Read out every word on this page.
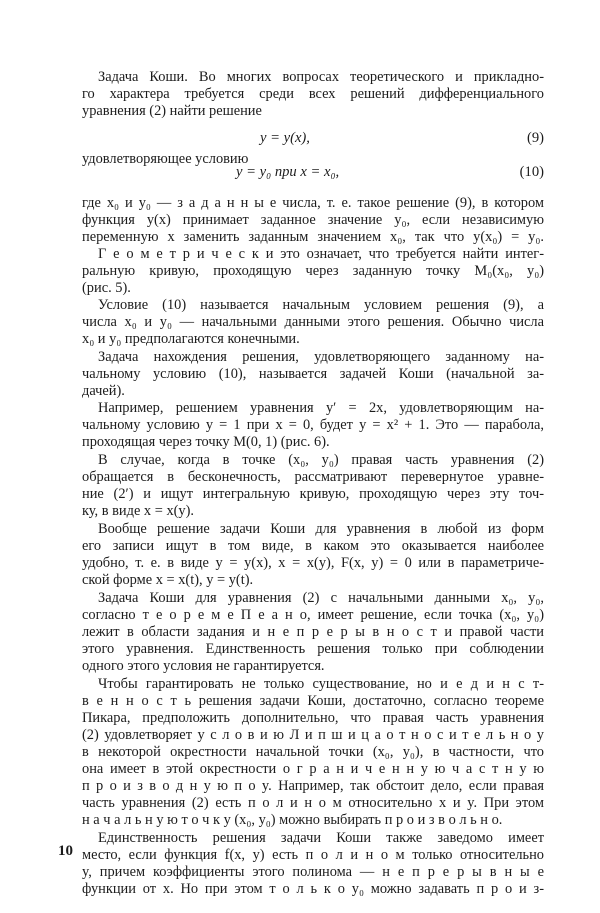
Задача Коши. Во многих вопросах теоретического и прикладно-
го характера требуется среди всех решений дифференциального
уравнения (2) найти решение
y = y(x),	(9)
удовлетворяющее условию
y = y₀ при x = x₀,	(10)
где x₀ и y₀ — з а д а н н ы е числа, т. е. такое решение (9), в котором
функция y(x) принимает заданное значение y₀, если независимую
переменную x заменить заданным значением x₀, так что y(x₀) = y₀.
Г е о м е т р и ч е с к и это означает, что требуется найти интег-
ральную кривую, проходящую через заданную точку M₀(x₀, y₀)
(рис. 5).
Условие (10) называется начальным условием решения (9), а
числа x₀ и y₀ — начальными данными этого решения. Обычно числа
x₀ и y₀ предполагаются конечными.
Задача нахождения решения, удовлетворяющего заданному на-
чальному условию (10), называется задачей Коши (начальной за-
дачей).
Например, решением уравнения y′ = 2x, удовлетворяющим на-
чальному условию y = 1 при x = 0, будет y = x² + 1. Это — парабола,
проходящая через точку M(0, 1) (рис. 6).
В случае, когда в точке (x₀, y₀) правая часть уравнения (2)
обращается в бесконечность, рассматривают перевернутое уравне-
ние (2′) и ищут интегральную кривую, проходящую через эту точ-
ку, в виде x = x(y).
Вообще решение задачи Коши для уравнения в любой из форм
его записи ищут в том виде, в каком это оказывается наиболее
удобно, т. е. в виде y = y(x), x = x(y), F(x, y) = 0 или в параметриче-
ской форме x = x(t), y = y(t).
Задача Коши для уравнения (2) с начальными данными x₀, y₀,
согласно т е о р е м е П е а н о, имеет решение, если точка (x₀, y₀)
лежит в области задания и н е п р е р ы в н о с т и правой части
этого уравнения. Единственность решения только при соблюдении
одного этого условия не гарантируется.
Чтобы гарантировать не только существование, но и е д и н с т-
в е н н о с т ь решения задачи Коши, достаточно, согласно теореме
Пикара, предположить дополнительно, что правая часть уравнения
(2) удовлетворяет у с л о в и ю Л и п ш и ц а о т н о с и т е л ь н о y
в некоторой окрестности начальной точки (x₀, y₀), в частности, что
она имеет в этой окрестности о г р а н и ч е н н у ю ч а с т н у ю
п р о и з в о д н у ю п о y. Например, так обстоит дело, если правая
часть уравнения (2) есть п о л и н о м относительно x и y. При этом
н а ч а л ь н у ю т о ч к у (x₀, y₀) можно выбирать п р о и з в о л ь н о.
Единственность решения задачи Коши также заведомо имеет
место, если функция f(x, y) есть п о л и н о м только относительно
y, причем коэффициенты этого полинома — н е п р е р ы в н ы е
функции от x. Но при этом т о л ь к о y₀ можно задавать п р о и з-
10
